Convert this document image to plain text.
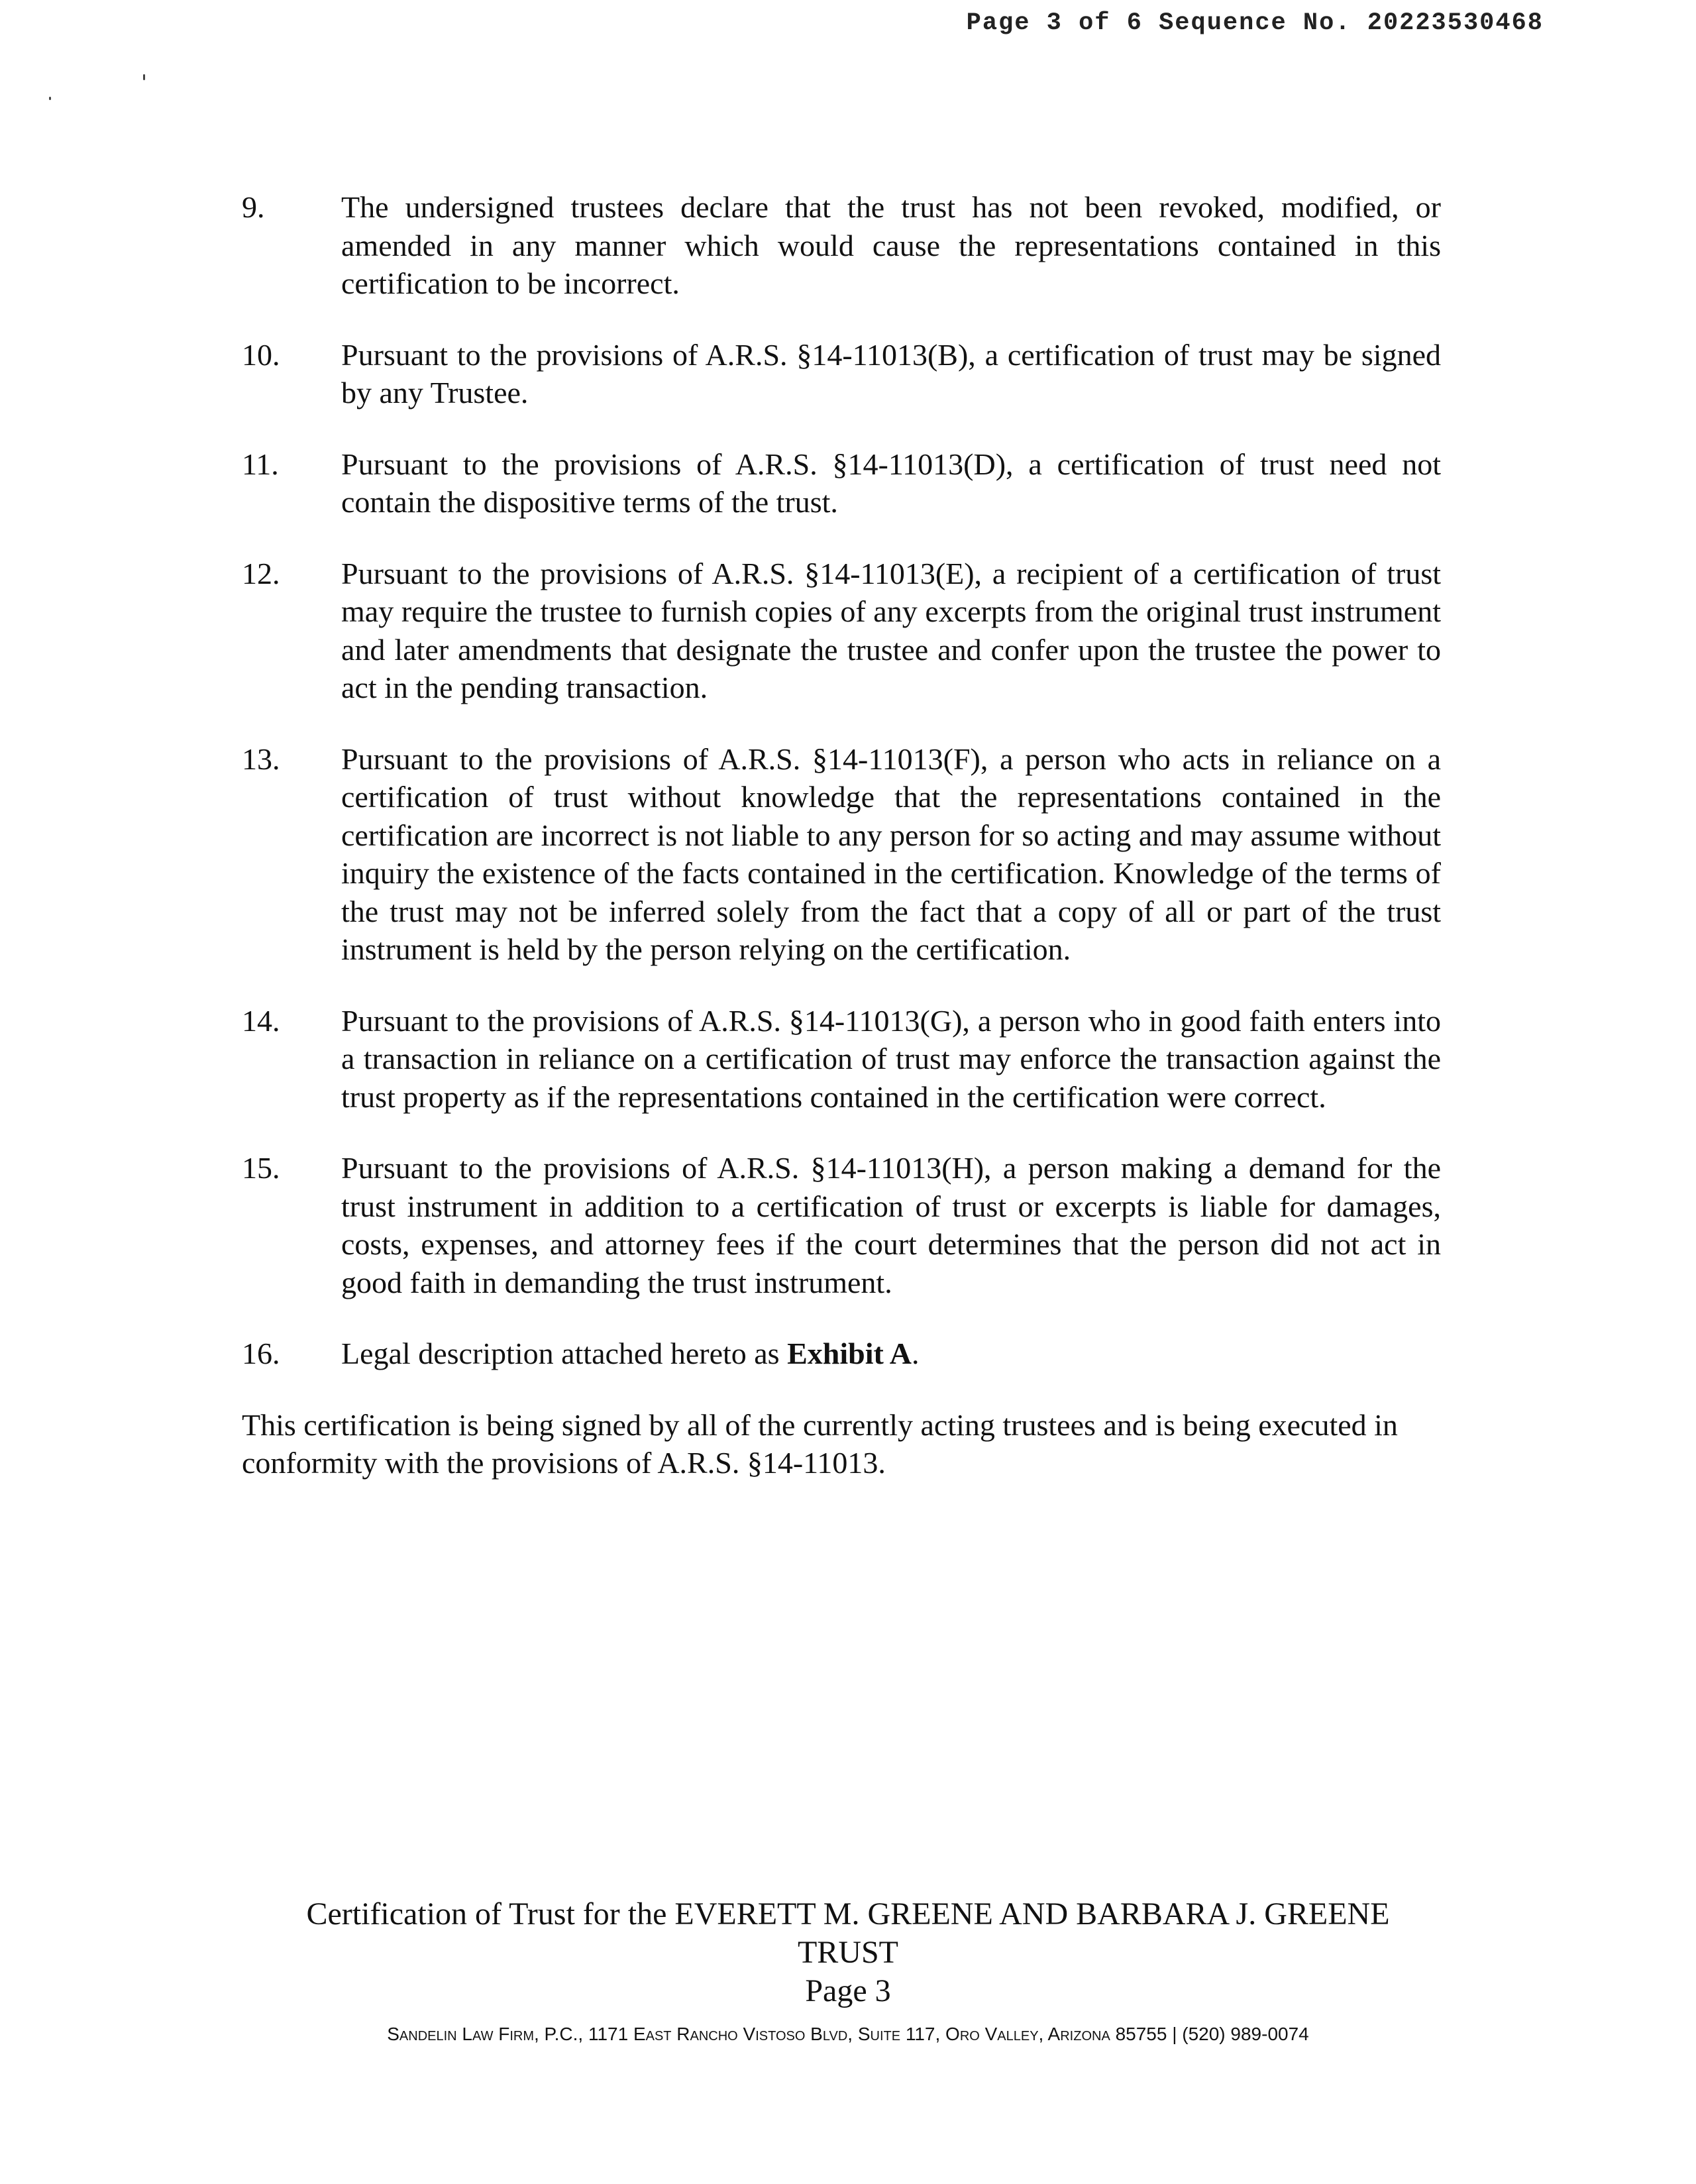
Page 3 of 6 Sequence No. 20223530468
9.	The undersigned trustees declare that the trust has not been revoked, modified, or amended in any manner which would cause the representations contained in this certification to be incorrect.
10.	Pursuant to the provisions of A.R.S. §14-11013(B), a certification of trust may be signed by any Trustee.
11.	Pursuant to the provisions of A.R.S. §14-11013(D), a certification of trust need not contain the dispositive terms of the trust.
12.	Pursuant to the provisions of A.R.S. §14-11013(E), a recipient of a certification of trust may require the trustee to furnish copies of any excerpts from the original trust instrument and later amendments that designate the trustee and confer upon the trustee the power to act in the pending transaction.
13.	Pursuant to the provisions of A.R.S. §14-11013(F), a person who acts in reliance on a certification of trust without knowledge that the representations contained in the certification are incorrect is not liable to any person for so acting and may assume without inquiry the existence of the facts contained in the certification. Knowledge of the terms of the trust may not be inferred solely from the fact that a copy of all or part of the trust instrument is held by the person relying on the certification.
14.	Pursuant to the provisions of A.R.S. §14-11013(G), a person who in good faith enters into a transaction in reliance on a certification of trust may enforce the transaction against the trust property as if the representations contained in the certification were correct.
15.	Pursuant to the provisions of A.R.S. §14-11013(H), a person making a demand for the trust instrument in addition to a certification of trust or excerpts is liable for damages, costs, expenses, and attorney fees if the court determines that the person did not act in good faith in demanding the trust instrument.
16.	Legal description attached hereto as Exhibit A.
This certification is being signed by all of the currently acting trustees and is being executed in conformity with the provisions of A.R.S. §14-11013.
Certification of Trust for the EVERETT M. GREENE AND BARBARA J. GREENE TRUST
Page 3
Sandelin Law Firm, P.C., 1171 East Rancho Vistoso Blvd, Suite 117, Oro Valley, Arizona 85755 | (520) 989-0074
